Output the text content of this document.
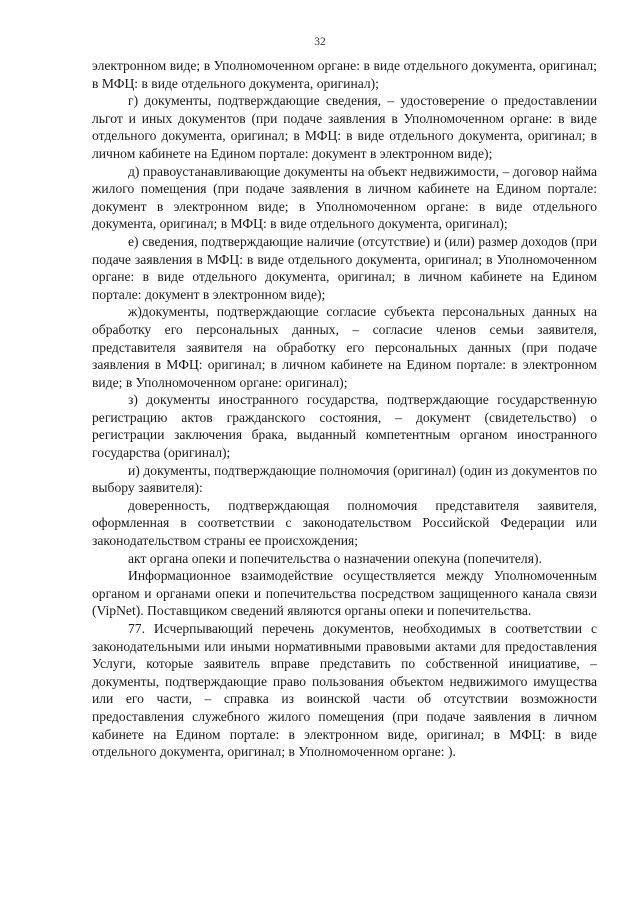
32

электронном виде; в Уполномоченном органе: в виде отдельного документа, оригинал; в МФЦ: в виде отдельного документа, оригинал);

г) документы, подтверждающие сведения, – удостоверение о предоставлении льгот и иных документов (при подаче заявления в Уполномоченном органе: в виде отдельного документа, оригинал; в МФЦ: в виде отдельного документа, оригинал; в личном кабинете на Едином портале: документ в электронном виде);

д) правоустанавливающие документы на объект недвижимости, – договор найма жилого помещения (при подаче заявления в личном кабинете на Едином портале: документ в электронном виде; в Уполномоченном органе: в виде отдельного документа, оригинал; в МФЦ: в виде отдельного документа, оригинал);

е) сведения, подтверждающие наличие (отсутствие) и (или) размер доходов (при подаче заявления в МФЦ: в виде отдельного документа, оригинал; в Уполномоченном органе: в виде отдельного документа, оригинал; в личном кабинете на Едином портале: документ в электронном виде);

ж)документы, подтверждающие согласие субъекта персональных данных на обработку его персональных данных, – согласие членов семьи заявителя, представителя заявителя на обработку его персональных данных (при подаче заявления в МФЦ: оригинал; в личном кабинете на Едином портале: в электронном виде; в Уполномоченном органе: оригинал);

з) документы иностранного государства, подтверждающие государственную регистрацию актов гражданского состояния, – документ (свидетельство) о регистрации заключения брака, выданный компетентным органом иностранного государства (оригинал);

и) документы, подтверждающие полномочия (оригинал) (один из документов по выбору заявителя):

доверенность, подтверждающая полномочия представителя заявителя, оформленная в соответствии с законодательством Российской Федерации или законодательством страны ее происхождения;

акт органа опеки и попечительства о назначении опекуна (попечителя).

Информационное взаимодействие осуществляется между Уполномоченным органом и органами опеки и попечительства посредством защищенного канала связи (VipNet). Поставщиком сведений являются органы опеки и попечительства.

77. Исчерпывающий перечень документов, необходимых в соответствии с законодательными или иными нормативными правовыми актами для предоставления Услуги, которые заявитель вправе представить по собственной инициативе, – документы, подтверждающие право пользования объектом недвижимого имущества или его части, – справка из воинской части об отсутствии возможности предоставления служебного жилого помещения (при подаче заявления в личном кабинете на Едином портале: в электронном виде, оригинал; в МФЦ: в виде отдельного документа, оригинал; в Уполномоченном органе: ).
